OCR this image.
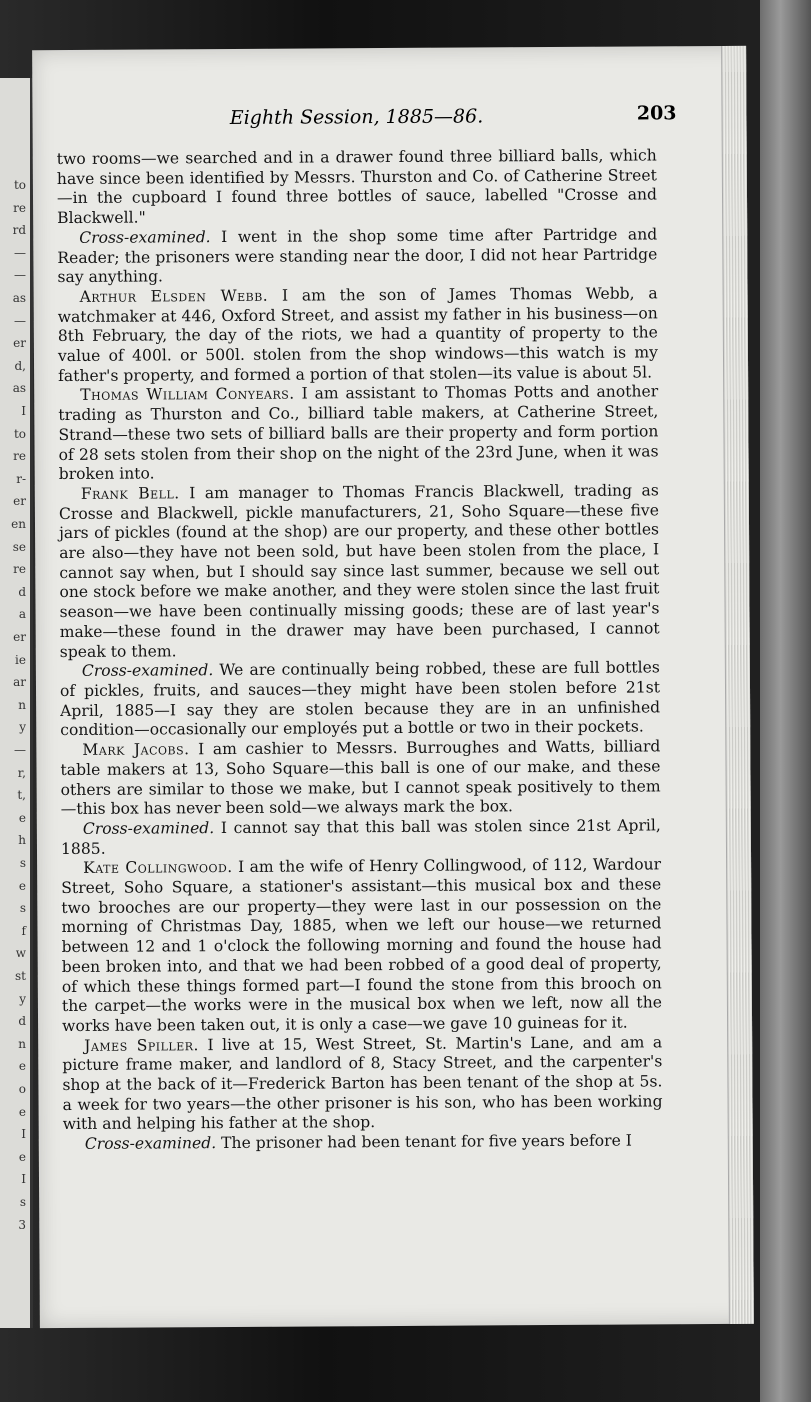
to
re
rd
—
—
as
—
er
d,
as
I
to
re
r-
er
en
se
re
d
a
er
ie
ar
n
y
—
r,
t,
e
h
s
e
s
f
w
st
y
d
n
e
o
e
I
e
I
s
3
Eighth Session, 1885—86.	203

two rooms—we searched and in a drawer found three billiard balls, which have since been identified by Messrs. Thurston and Co. of Catherine Street —in the cupboard I found three bottles of sauce, labelled "Crosse and Blackwell."

Cross-examined. I went in the shop some time after Partridge and Reader; the prisoners were standing near the door, I did not hear Partridge say anything.

Arthur Elsden Webb. I am the son of James Thomas Webb, a watchmaker at 446, Oxford Street, and assist my father in his business—on 8th February, the day of the riots, we had a quantity of property to the value of 400l. or 500l. stolen from the shop windows—this watch is my father's property, and formed a portion of that stolen—its value is about 5l.

Thomas William Conyears. I am assistant to Thomas Potts and another trading as Thurston and Co., billiard table makers, at Catherine Street, Strand—these two sets of billiard balls are their property and form portion of 28 sets stolen from their shop on the night of the 23rd June, when it was broken into.

Frank Bell. I am manager to Thomas Francis Blackwell, trading as Crosse and Blackwell, pickle manufacturers, 21, Soho Square—these five jars of pickles (found at the shop) are our property, and these other bottles are also—they have not been sold, but have been stolen from the place, I cannot say when, but I should say since last summer, because we sell out one stock before we make another, and they were stolen since the last fruit season—we have been continually missing goods; these are of last year's make—these found in the drawer may have been purchased, I cannot speak to them.

Cross-examined. We are continually being robbed, these are full bottles of pickles, fruits, and sauces—they might have been stolen before 21st April, 1885—I say they are stolen because they are in an unfinished condition—occasionally our employés put a bottle or two in their pockets.

Mark Jacobs. I am cashier to Messrs. Burroughes and Watts, billiard table makers at 13, Soho Square—this ball is one of our make, and these others are similar to those we make, but I cannot speak positively to them —this box has never been sold—we always mark the box.

Cross-examined. I cannot say that this ball was stolen since 21st April, 1885.

Kate Collingwood. I am the wife of Henry Collingwood, of 112, Wardour Street, Soho Square, a stationer's assistant—this musical box and these two brooches are our property—they were last in our possession on the morning of Christmas Day, 1885, when we left our house—we returned between 12 and 1 o'clock the following morning and found the house had been broken into, and that we had been robbed of a good deal of property, of which these things formed part—I found the stone from this brooch on the carpet—the works were in the musical box when we left, now all the works have been taken out, it is only a case—we gave 10 guineas for it.

James Spiller. I live at 15, West Street, St. Martin's Lane, and am a picture frame maker, and landlord of 8, Stacy Street, and the carpenter's shop at the back of it—Frederick Barton has been tenant of the shop at 5s. a week for two years—the other prisoner is his son, who has been working with and helping his father at the shop.

Cross-examined. The prisoner had been tenant for five years before I
